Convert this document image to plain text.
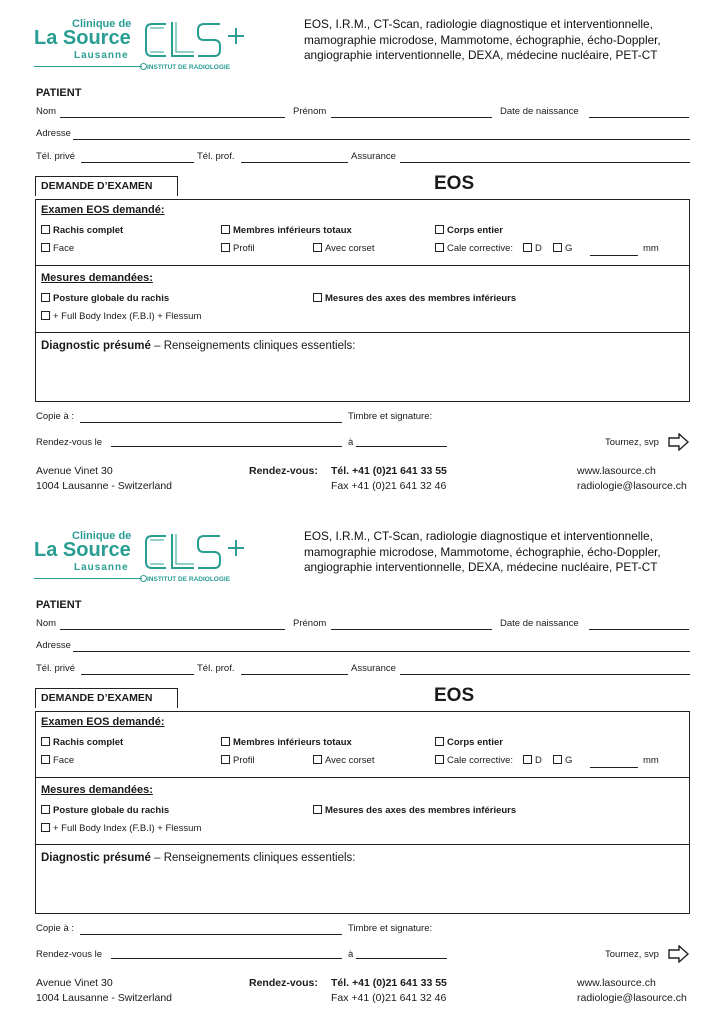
Clinique de
La Source
Lausanne
INSTITUT DE RADIOLOGIE
EOS, I.R.M., CT-Scan, radiologie diagnostique et interventionnelle,
mamographie microdose, Mammotome, échographie, écho-Doppler,
angiographie interventionnelle, DEXA, médecine nucléaire, PET-CT
PATIENT
Nom	Prénom	Date de naissance
Adresse
Tél. privé	Tél. prof.	Assurance
DEMANDE D’EXAMEN	EOS
Examen EOS demandé:
Rachis complet	Membres inférieurs totaux	Corps entier
Face	Profil	Avec corset	Cale corrective:	D	G	mm
Mesures demandées:
Posture globale du rachis	Mesures des axes des membres inférieurs
+ Full Body Index (F.B.I) + Flessum
Diagnostic présumé – Renseignements cliniques essentiels:
Copie à :	Timbre et signature:
Rendez-vous le	à	Tournez, svp
Avenue Vinet 30
1004 Lausanne - Switzerland
Rendez-vous: Tél. +41 (0)21 641 33 55
Fax +41 (0)21 641 32 46
www.lasource.ch
radiologie@lasource.ch
Clinique de
La Source
Lausanne
INSTITUT DE RADIOLOGIE
EOS, I.R.M., CT-Scan, radiologie diagnostique et interventionnelle,
mamographie microdose, Mammotome, échographie, écho-Doppler,
angiographie interventionnelle, DEXA, médecine nucléaire, PET-CT
PATIENT
Nom	Prénom	Date de naissance
Adresse
Tél. privé	Tél. prof.	Assurance
DEMANDE D’EXAMEN	EOS
Examen EOS demandé:
Rachis complet	Membres inférieurs totaux	Corps entier
Face	Profil	Avec corset	Cale corrective:	D	G	mm
Mesures demandées:
Posture globale du rachis	Mesures des axes des membres inférieurs
+ Full Body Index (F.B.I) + Flessum
Diagnostic présumé – Renseignements cliniques essentiels:
Copie à :	Timbre et signature:
Rendez-vous le	à	Tournez, svp
Avenue Vinet 30
1004 Lausanne - Switzerland
Rendez-vous: Tél. +41 (0)21 641 33 55
Fax +41 (0)21 641 32 46
www.lasource.ch
radiologie@lasource.ch
